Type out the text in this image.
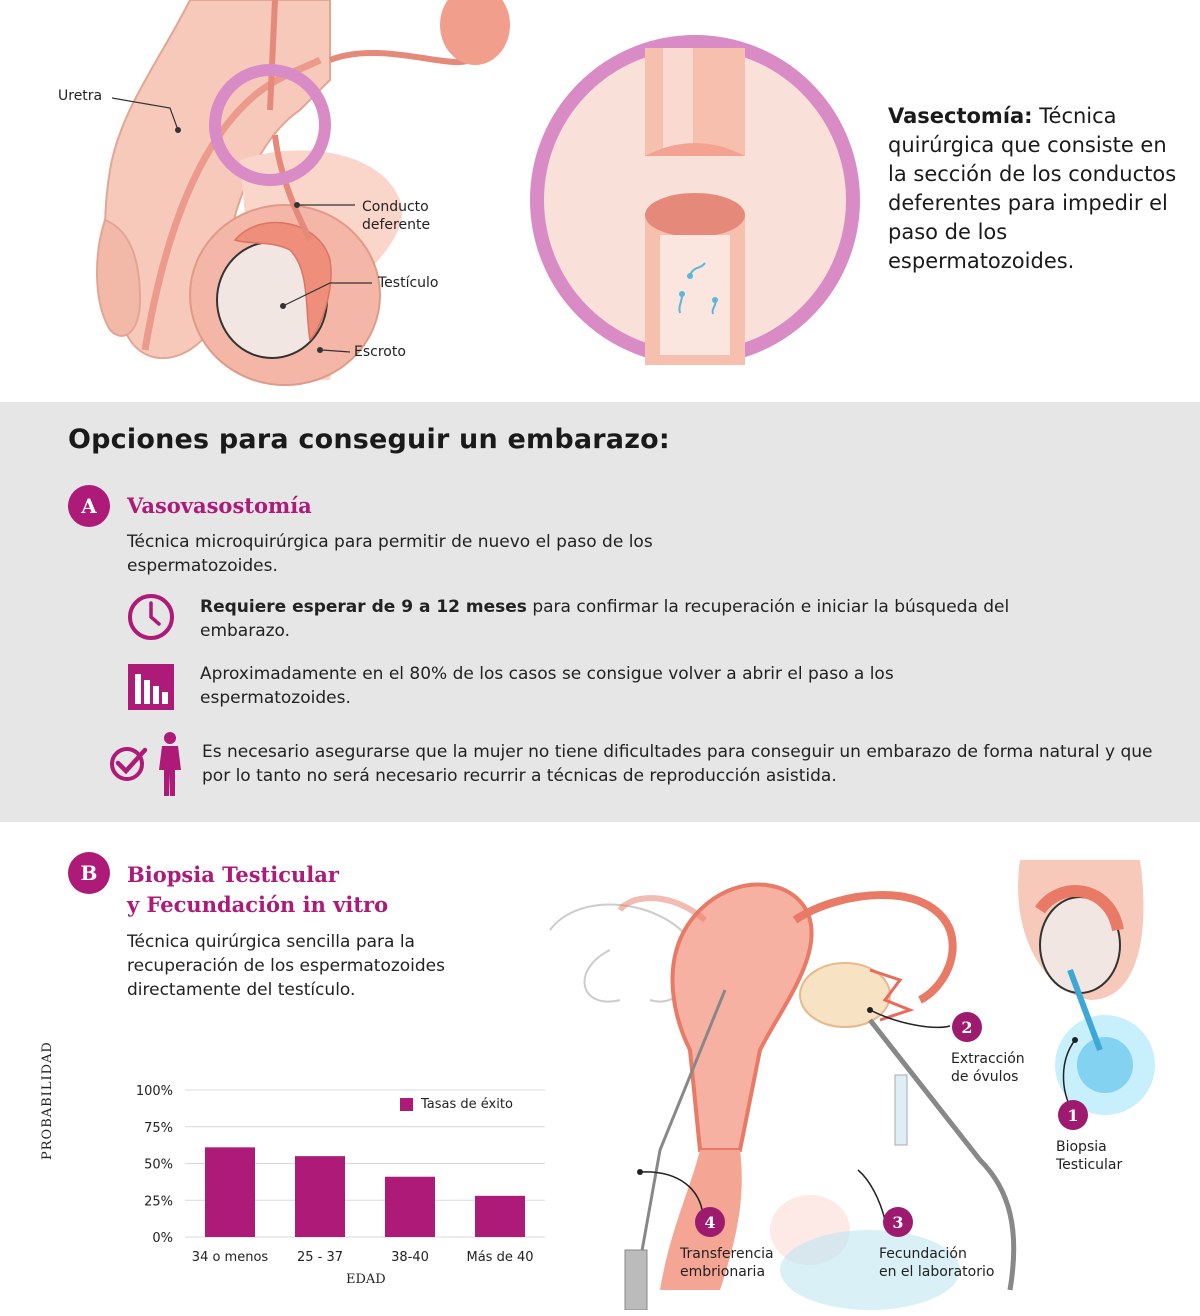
Uretra
Conducto
deferente
Testículo
Escroto
Vasectomía: Técnica quirúrgica que consiste en la sección de los conductos deferentes para impedir el paso de los espermatozoides.
Opciones para conseguir un embarazo:
A	Vasovasostomía
Técnica microquirúrgica para permitir de nuevo el paso de los espermatozoides.
Requiere esperar de 9 a 12 meses para confirmar la recuperación e iniciar la búsqueda del embarazo.
Aproximadamente en el 80% de los casos se consigue volver a abrir el paso a los espermatozoides.
Es necesario asegurarse que la mujer no tiene dificultades para conseguir un embarazo de forma natural y que por lo tanto no será necesario recurrir a técnicas de reproducción asistida.
B	Biopsia Testicular
y Fecundación in vitro
Técnica quirúrgica sencilla para la recuperación de los espermatozoides directamente del testículo.
1
Biopsia
Testicular
2
Extracción
de óvulos
3
Fecundación
en el laboratorio
4
Transferencia
embrionaria
0%
25%
50%
75%
100%
34 o menos 25 - 37	38-40	Más de 40
PROBABILIDAD
EDAD
Tasas de éxito
